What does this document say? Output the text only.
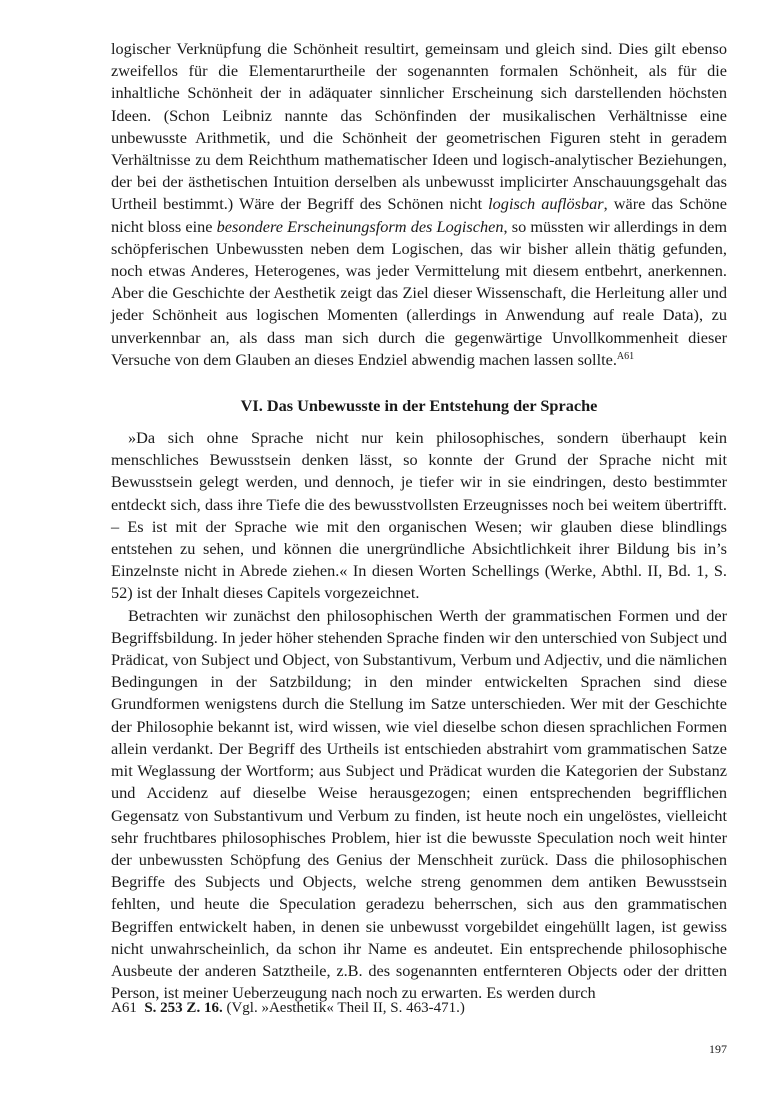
logischer Verknüpfung die Schönheit resultirt, gemeinsam und gleich sind. Dies gilt ebenso zweifellos für die Elementarurtheile der sogenannten formalen Schönheit, als für die inhaltliche Schönheit der in adäquater sinnlicher Erscheinung sich darstellenden höchsten Ideen. (Schon Leibniz nannte das Schönfinden der musikalischen Verhältnisse eine unbewusste Arithmetik, und die Schönheit der geometrischen Figuren steht in geradem Verhältnisse zu dem Reichthum mathematischer Ideen und logisch-analytischer Beziehungen, der bei der ästhetischen Intuition derselben als unbewusst implicirter Anschauungsgehalt das Urtheil bestimmt.) Wäre der Begriff des Schönen nicht logisch auflösbar, wäre das Schöne nicht bloss eine besondere Erscheinungsform des Logischen, so müssten wir allerdings in dem schöpferischen Unbewussten neben dem Logischen, das wir bisher allein thätig gefunden, noch etwas Anderes, Heterogenes, was jeder Vermittelung mit diesem entbehrt, anerkennen. Aber die Geschichte der Aesthetik zeigt das Ziel dieser Wissenschaft, die Herleitung aller und jeder Schönheit aus logischen Momenten (allerdings in Anwendung auf reale Data), zu unverkennbar an, als dass man sich durch die gegenwärtige Unvollkommenheit dieser Versuche von dem Glauben an dieses Endziel abwendig machen lassen sollte.$^{A61}$

VI. Das Unbewusste in der Entstehung der Sprache

»Da sich ohne Sprache nicht nur kein philosophisches, sondern überhaupt kein menschliches Bewusstsein denken lässt, so konnte der Grund der Sprache nicht mit Bewusstsein gelegt werden, und dennoch, je tiefer wir in sie eindringen, desto bestimmter entdeckt sich, dass ihre Tiefe die des bewusstvollsten Erzeugnisses noch bei weitem übertrifft. – Es ist mit der Sprache wie mit den organischen Wesen; wir glauben diese blindlings entstehen zu sehen, und können die unergründliche Absichtlichkeit ihrer Bildung bis in’s Einzelnste nicht in Abrede ziehen.« In diesen Worten Schellings (Werke, Abthl. II, Bd. 1, S. 52) ist der Inhalt dieses Capitels vorgezeichnet.

Betrachten wir zunächst den philosophischen Werth der grammatischen Formen und der Begriffsbildung. In jeder höher stehenden Sprache finden wir den unterschied von Subject und Prädicat, von Subject und Object, von Substantivum, Verbum und Adjectiv, und die nämlichen Bedingungen in der Satzbildung; in den minder entwickelten Sprachen sind diese Grundformen wenigstens durch die Stellung im Satze unterschieden. Wer mit der Geschichte der Philosophie bekannt ist, wird wissen, wie viel dieselbe schon diesen sprachlichen Formen allein verdankt. Der Begriff des Urtheils ist entschieden abstrahirt vom grammatischen Satze mit Weglassung der Wortform; aus Subject und Prädicat wurden die Kategorien der Substanz und Accidenz auf dieselbe Weise herausgezogen; einen entsprechenden begrifflichen Gegensatz von Substantivum und Verbum zu finden, ist heute noch ein ungelöstes, vielleicht sehr fruchtbares philosophisches Problem, hier ist die bewusste Speculation noch weit hinter der unbewussten Schöpfung des Genius der Menschheit zurück. Dass die philosophischen Begriffe des Subjects und Objects, welche streng genommen dem antiken Bewusstsein fehlten, und heute die Speculation geradezu beherrschen, sich aus den grammatischen Begriffen entwickelt haben, in denen sie unbewusst vorgebildet eingehüllt lagen, ist gewiss nicht unwahrscheinlich, da schon ihr Name es andeutet. Ein entsprechende philosophische Ausbeute der anderen Satztheile, z.B. des sogenannten entfernteren Objects oder der dritten Person, ist meiner Ueberzeugung nach noch zu erwarten. Es werden durch

A61 S. 253 Z. 16. (Vgl. »Aesthetik« Theil II, S. 463-471.)
197
